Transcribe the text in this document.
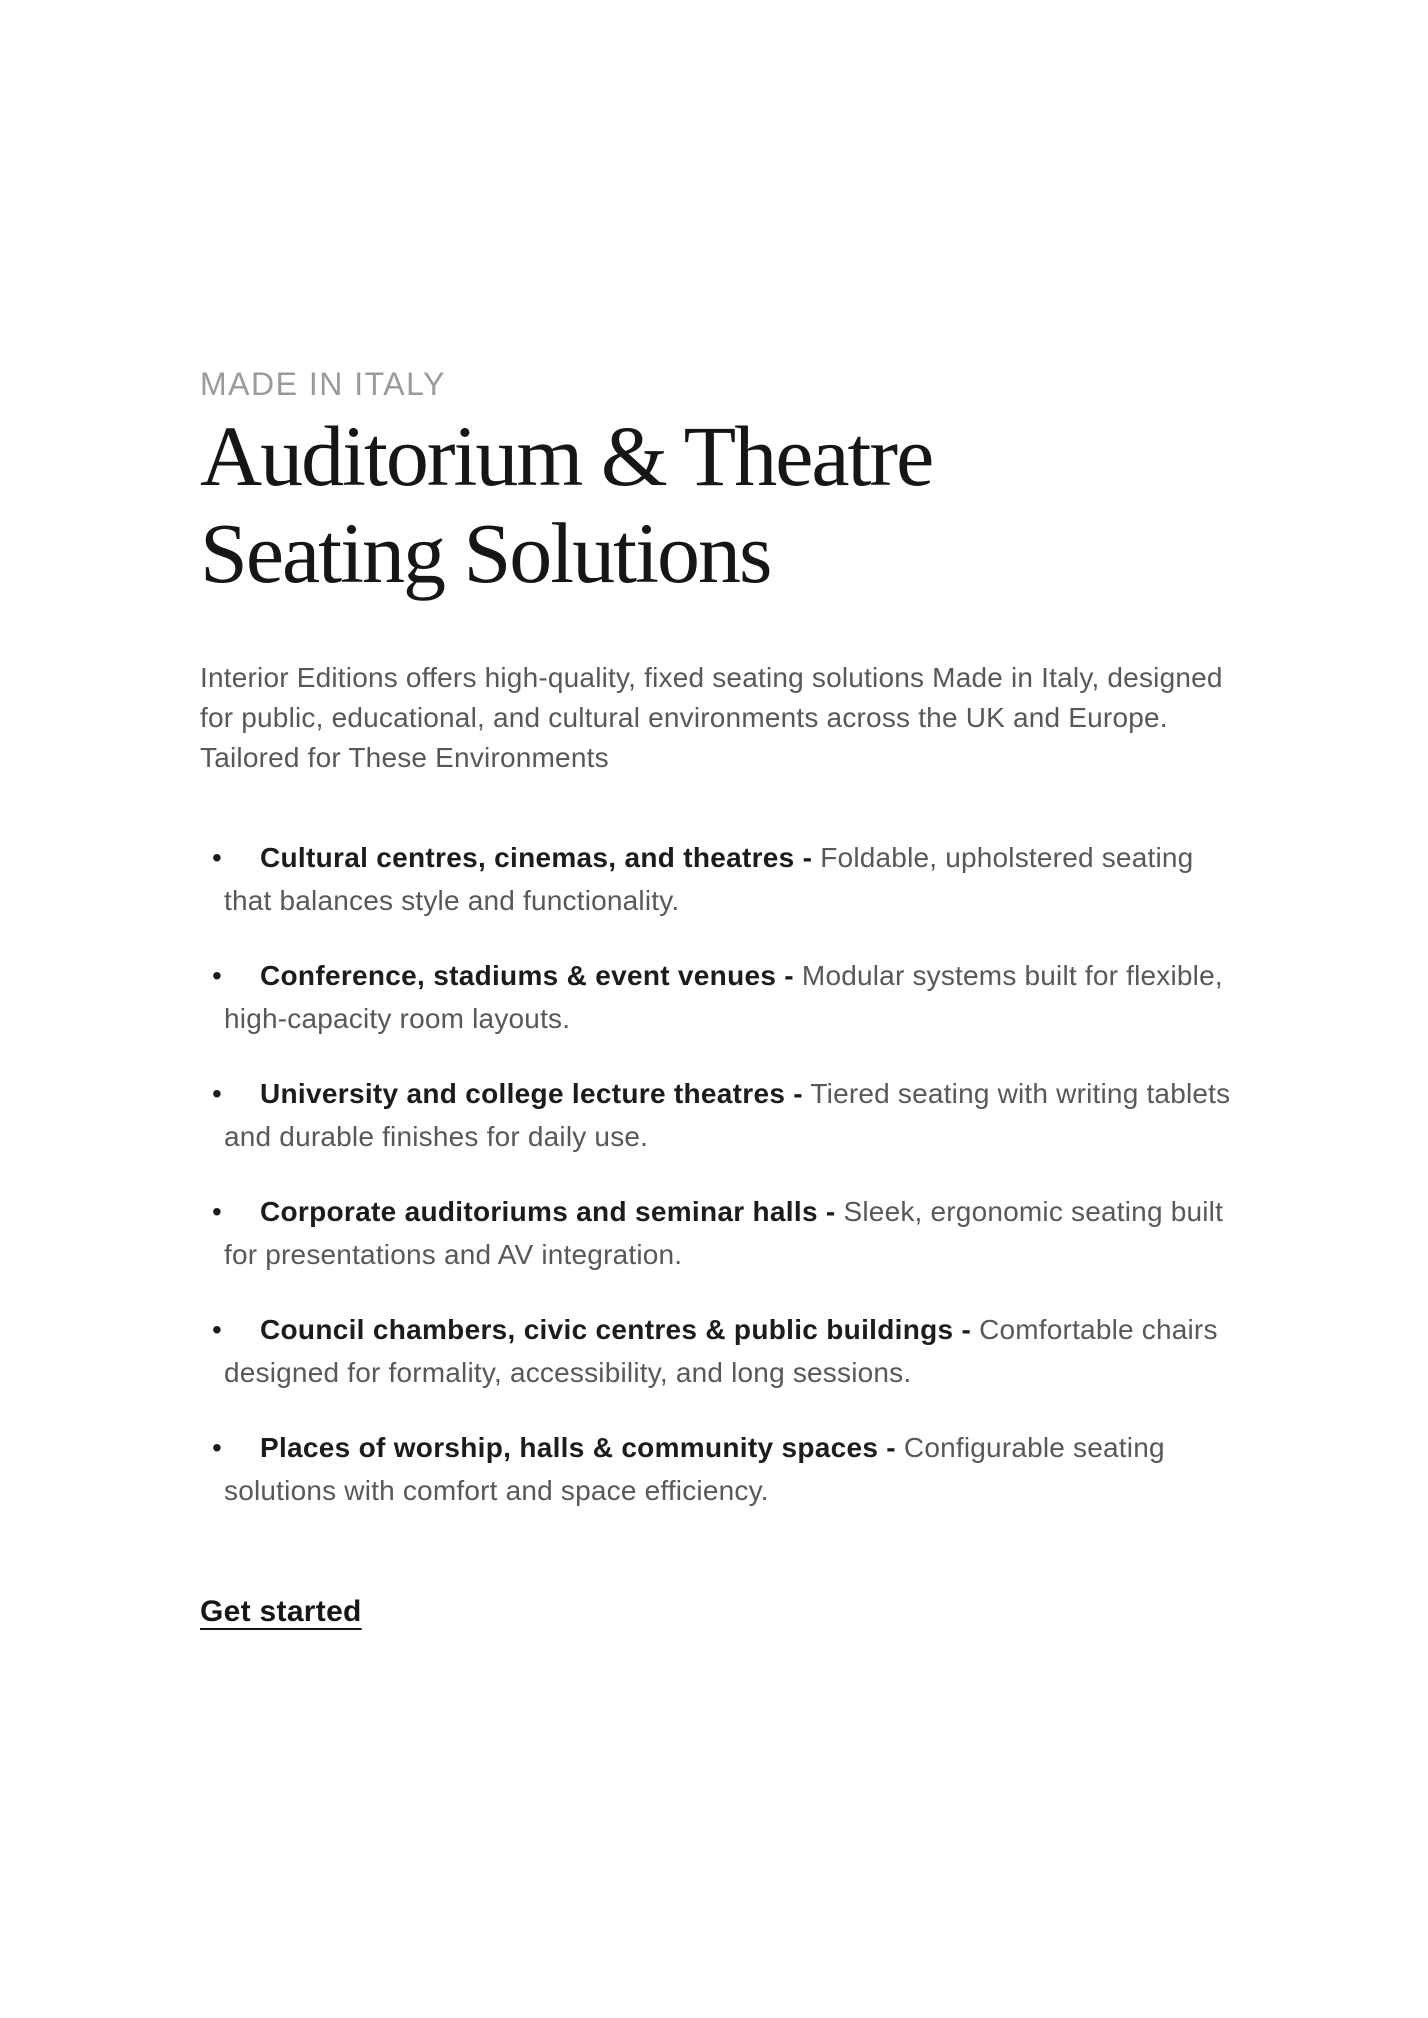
MADE IN ITALY
Auditorium & Theatre
Seating Solutions

Interior Editions offers high-quality, fixed seating solutions Made in Italy, designed for public, educational, and cultural environments across the UK and Europe.
Tailored for These Environments

•	Cultural centres, cinemas, and theatres - Foldable, upholstered seating that balances style and functionality.

•	Conference, stadiums & event venues - Modular systems built for flexible, high-capacity room layouts.

•	University and college lecture theatres - Tiered seating with writing tablets and durable finishes for daily use.

•	Corporate auditoriums and seminar halls - Sleek, ergonomic seating built for presentations and AV integration.

•	Council chambers, civic centres & public buildings - Comfortable chairs designed for formality, accessibility, and long sessions.

•	Places of worship, halls & community spaces - Configurable seating solutions with comfort and space efficiency.

Get started
